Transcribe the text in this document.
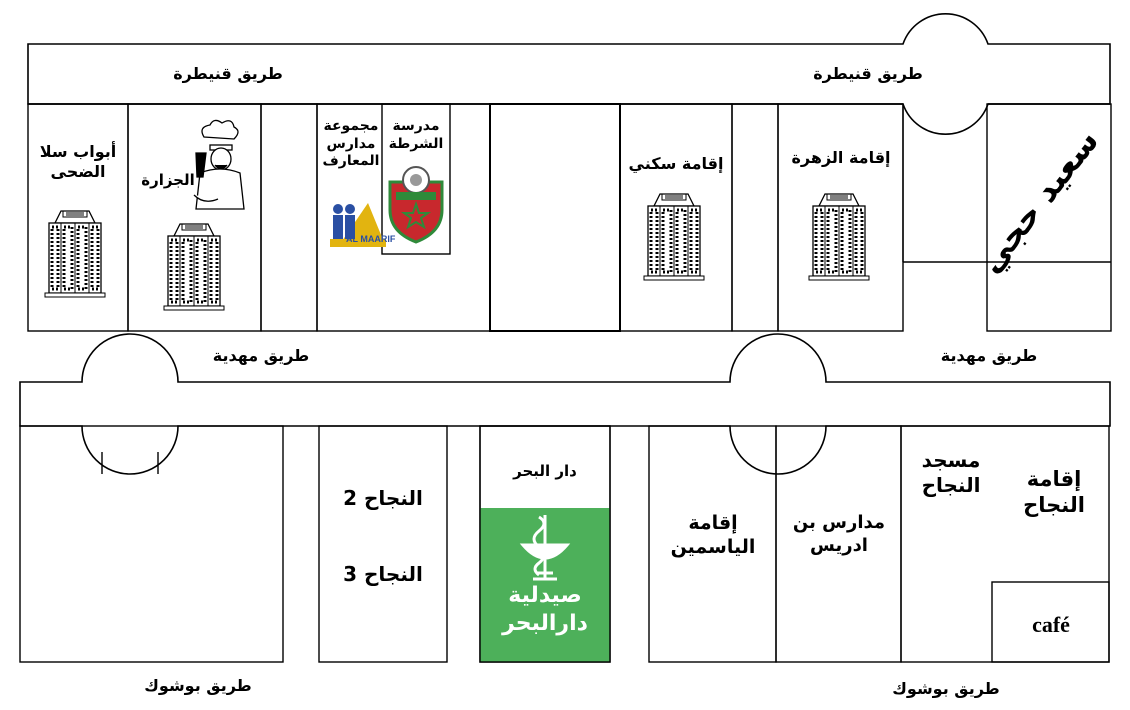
AL MAARIF
طريق قنيطرة	طريق قنيطرة
طريق مهدية	طريق مهدية
طريق بوشوك	طريق بوشوك
أبواب سلا الضحى	الجزارة
مجموعة مدارس المعارف
مدرسة الشرطة
إقامة سكني	إقامة الزهرة	سعيد حجي
النجاح 2
النجاح 3
دار البحر
صيدلية دارالبحر
إقامة الياسمين
مدارس بن ادريس
مسجد النجاح	إقامة النجاح
café
